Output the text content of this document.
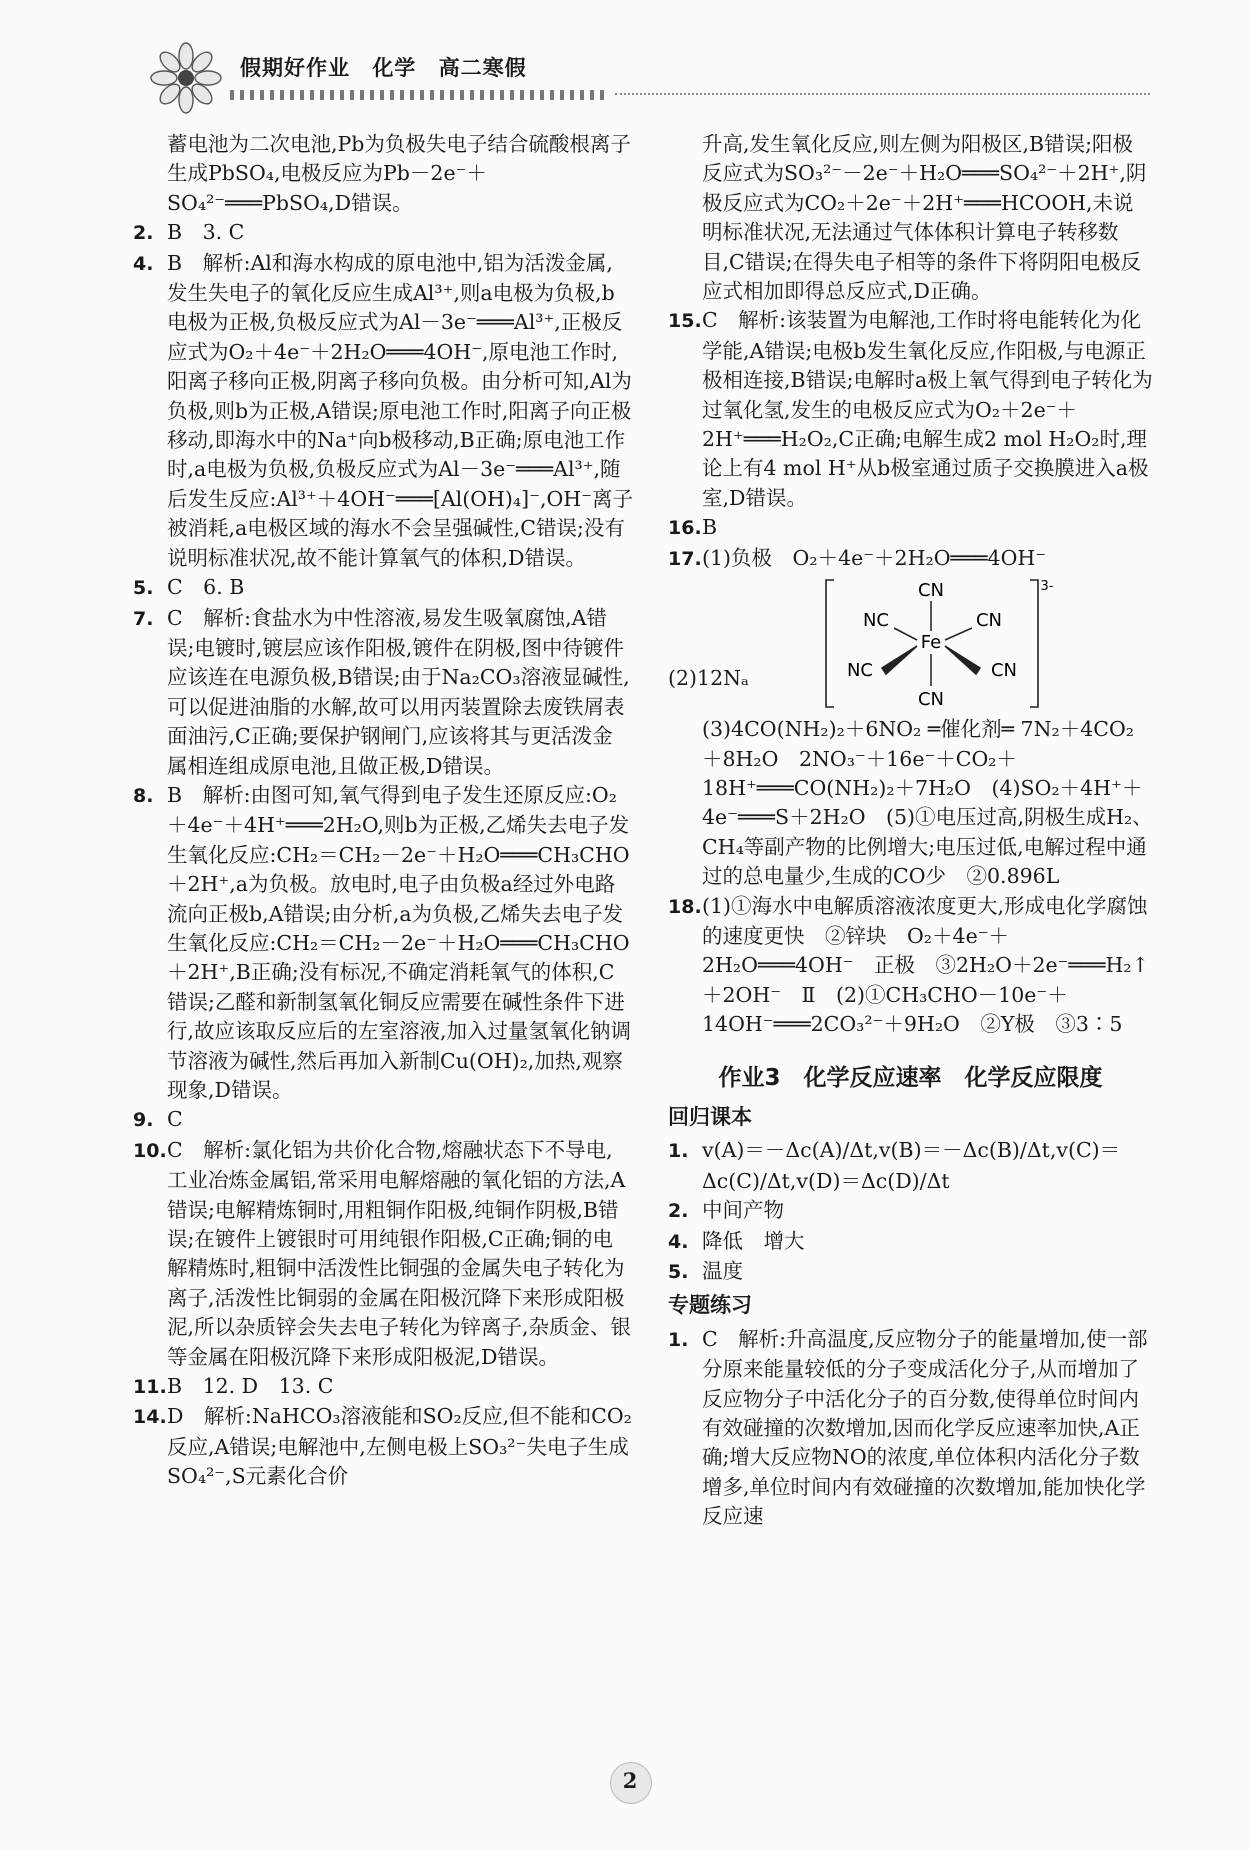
假期好作业 化学 高二寒假

蓄电池为二次电池,Pb为负极失电子结合硫酸根离子生成PbSO₄,电极反应为Pb－2e⁻＋SO₄²⁻═══PbSO₄,D错误。

2. B　3. C

4. B　解析:Al和海水构成的原电池中,铝为活泼金属,发生失电子的氧化反应生成Al³⁺,则a电极为负极,b电极为正极,负极反应式为Al－3e⁻═══Al³⁺,正极反应式为O₂＋4e⁻＋2H₂O═══4OH⁻,原电池工作时,阳离子移向正极,阴离子移向负极。由分析可知,Al为负极,则b为正极,A错误;原电池工作时,阳离子向正极移动,即海水中的Na⁺向b极移动,B正确;原电池工作时,a电极为负极,负极反应式为Al－3e⁻═══Al³⁺,随后发生反应:Al³⁺＋4OH⁻═══[Al(OH)₄]⁻,OH⁻离子被消耗,a电极区域的海水不会呈强碱性,C错误;没有说明标准状况,故不能计算氧气的体积,D错误。

5. C　6. B

7. C　解析:食盐水为中性溶液,易发生吸氧腐蚀,A错误;电镀时,镀层应该作阳极,镀件在阴极,图中待镀件应该连在电源负极,B错误;由于Na₂CO₃溶液显碱性,可以促进油脂的水解,故可以用丙装置除去废铁屑表面油污,C正确;要保护钢闸门,应该将其与更活泼金属相连组成原电池,且做正极,D错误。

8. B　解析:由图可知,氧气得到电子发生还原反应:O₂＋4e⁻＋4H⁺═══2H₂O,则b为正极,乙烯失去电子发生氧化反应:CH₂＝CH₂－2e⁻＋H₂O═══CH₃CHO＋2H⁺,a为负极。放电时,电子由负极a经过外电路流向正极b,A错误;由分析,a为负极,乙烯失去电子发生氧化反应:CH₂＝CH₂－2e⁻＋H₂O═══CH₃CHO＋2H⁺,B正确;没有标况,不确定消耗氧气的体积,C错误;乙醛和新制氢氧化铜反应需要在碱性条件下进行,故应该取反应后的左室溶液,加入过量氢氧化钠调节溶液为碱性,然后再加入新制Cu(OH)₂,加热,观察现象,D错误。

9. C

10.C　解析:氯化铝为共价化合物,熔融状态下不导电,工业冶炼金属铝,常采用电解熔融的氧化铝的方法,A错误;电解精炼铜时,用粗铜作阳极,纯铜作阴极,B错误;在镀件上镀银时可用纯银作阳极,C正确;铜的电解精炼时,粗铜中活泼性比铜强的金属失电子转化为离子,活泼性比铜弱的金属在阳极沉降下来形成阳极泥,所以杂质锌会失去电子转化为锌离子,杂质金、银等金属在阳极沉降下来形成阳极泥,D错误。

11.B　12. D　13. C

14.D　解析:NaHCO₃溶液能和SO₂反应,但不能和CO₂反应,A错误;电解池中,左侧电极上SO₃²⁻失电子生成SO₄²⁻,S元素化合价

升高,发生氧化反应,则左侧为阳极区,B错误;阳极反应式为SO₃²⁻－2e⁻＋H₂O═══SO₄²⁻＋2H⁺,阴极反应式为CO₂＋2e⁻＋2H⁺═══HCOOH,未说明标准状况,无法通过气体体积计算电子转移数目,C错误;在得失电子相等的条件下将阴阳电极反应式相加即得总反应式,D正确。

15.C　解析:该装置为电解池,工作时将电能转化为化学能,A错误;电极b发生氧化反应,作阳极,与电源正极相连接,B错误;电解时a极上氧气得到电子转化为过氧化氢,发生的电极反应式为O₂＋2e⁻＋2H⁺═══H₂O₂,C正确;电解生成2 mol H₂O₂时,理论上有4 mol H⁺从b极室通过质子交换膜进入a极室,D错误。

16.B

17.(1)负极　O₂＋4e⁻＋2H₂O═══4OH⁻

3-
Fe
CN
CN
NC	CN
NC	CN
(2)12Nₐ

(3)4CO(NH₂)₂＋6NO₂ ═催化剂═ 7N₂＋4CO₂＋8H₂O　2NO₃⁻＋16e⁻＋CO₂＋18H⁺═══CO(NH₂)₂＋7H₂O　(4)SO₂＋4H⁺＋4e⁻═══S＋2H₂O　(5)①电压过高,阴极生成H₂、CH₄等副产物的比例增大;电压过低,电解过程中通过的总电量少,生成的CO少　②0.896L

18.(1)①海水中电解质溶液浓度更大,形成电化学腐蚀的速度更快　②锌块　O₂＋4e⁻＋2H₂O═══4OH⁻　正极　③2H₂O＋2e⁻═══H₂↑＋2OH⁻　Ⅱ　(2)①CH₃CHO－10e⁻＋14OH⁻═══2CO₃²⁻＋9H₂O　②Y极　③3∶5

作业3　化学反应速率　化学反应限度
回归课本

1. v(A)＝－Δc(A)/Δt,v(B)＝－Δc(B)/Δt,v(C)＝Δc(C)/Δt,v(D)＝Δc(D)/Δt

2. 中间产物

4. 降低　增大

5. 温度

专题练习

1. C　解析:升高温度,反应物分子的能量增加,使一部分原来能量较低的分子变成活化分子,从而增加了反应物分子中活化分子的百分数,使得单位时间内有效碰撞的次数增加,因而化学反应速率加快,A正确;增大反应物NO的浓度,单位体积内活化分子数增多,单位时间内有效碰撞的次数增加,能加快化学反应速

2
